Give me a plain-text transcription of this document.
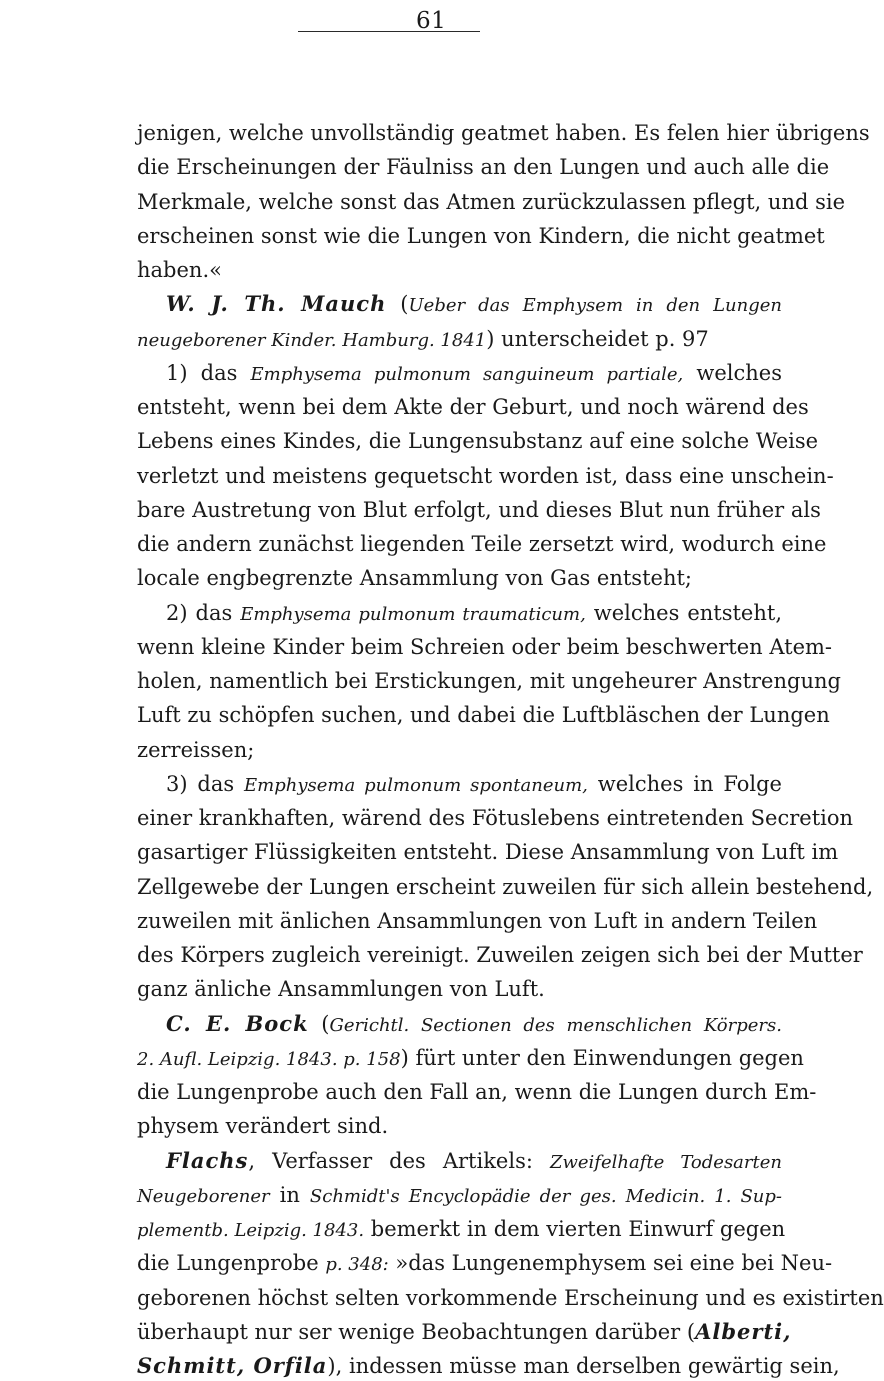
61
jenigen, welche unvollständig geatmet haben. Es felen hier übrigens
die Erscheinungen der Fäulniss an den Lungen und auch alle die
Merkmale, welche sonst das Atmen zurückzulassen pflegt, und sie
erscheinen sonst wie die Lungen von Kindern, die nicht geatmet
haben.«
W. J. Th. Mauch (Ueber das Emphysem in den Lungen
neugeborener Kinder. Hamburg. 1841) unterscheidet p. 97
1) das Emphysema pulmonum sanguineum partiale, welches
entsteht, wenn bei dem Akte der Geburt, und noch wärend des
Lebens eines Kindes, die Lungensubstanz auf eine solche Weise
verletzt und meistens gequetscht worden ist, dass eine unschein-
bare Austretung von Blut erfolgt, und dieses Blut nun früher als
die andern zunächst liegenden Teile zersetzt wird, wodurch eine
locale engbegrenzte Ansammlung von Gas entsteht;
2) das Emphysema pulmonum traumaticum, welches entsteht,
wenn kleine Kinder beim Schreien oder beim beschwerten Atem-
holen, namentlich bei Erstickungen, mit ungeheurer Anstrengung
Luft zu schöpfen suchen, und dabei die Luftbläschen der Lungen
zerreissen;
3) das Emphysema pulmonum spontaneum, welches in Folge
einer krankhaften, wärend des Fötuslebens eintretenden Secretion
gasartiger Flüssigkeiten entsteht. Diese Ansammlung von Luft im
Zellgewebe der Lungen erscheint zuweilen für sich allein bestehend,
zuweilen mit änlichen Ansammlungen von Luft in andern Teilen
des Körpers zugleich vereinigt. Zuweilen zeigen sich bei der Mutter
ganz änliche Ansammlungen von Luft.
C. E. Bock (Gerichtl. Sectionen des menschlichen Körpers.
2. Aufl. Leipzig. 1843. p. 158) fürt unter den Einwendungen gegen
die Lungenprobe auch den Fall an, wenn die Lungen durch Em-
physem verändert sind.
Flachs, Verfasser des Artikels: Zweifelhafte Todesarten
Neugeborener in Schmidt's Encyclopädie der ges. Medicin. 1. Sup-
plementb. Leipzig. 1843. bemerkt in dem vierten Einwurf gegen
die Lungenprobe p. 348: »das Lungenemphysem sei eine bei Neu-
geborenen höchst selten vorkommende Erscheinung und es existirten
überhaupt nur ser wenige Beobachtungen darüber (Alberti,
Schmitt, Orfila), indessen müsse man derselben gewärtig sein,
